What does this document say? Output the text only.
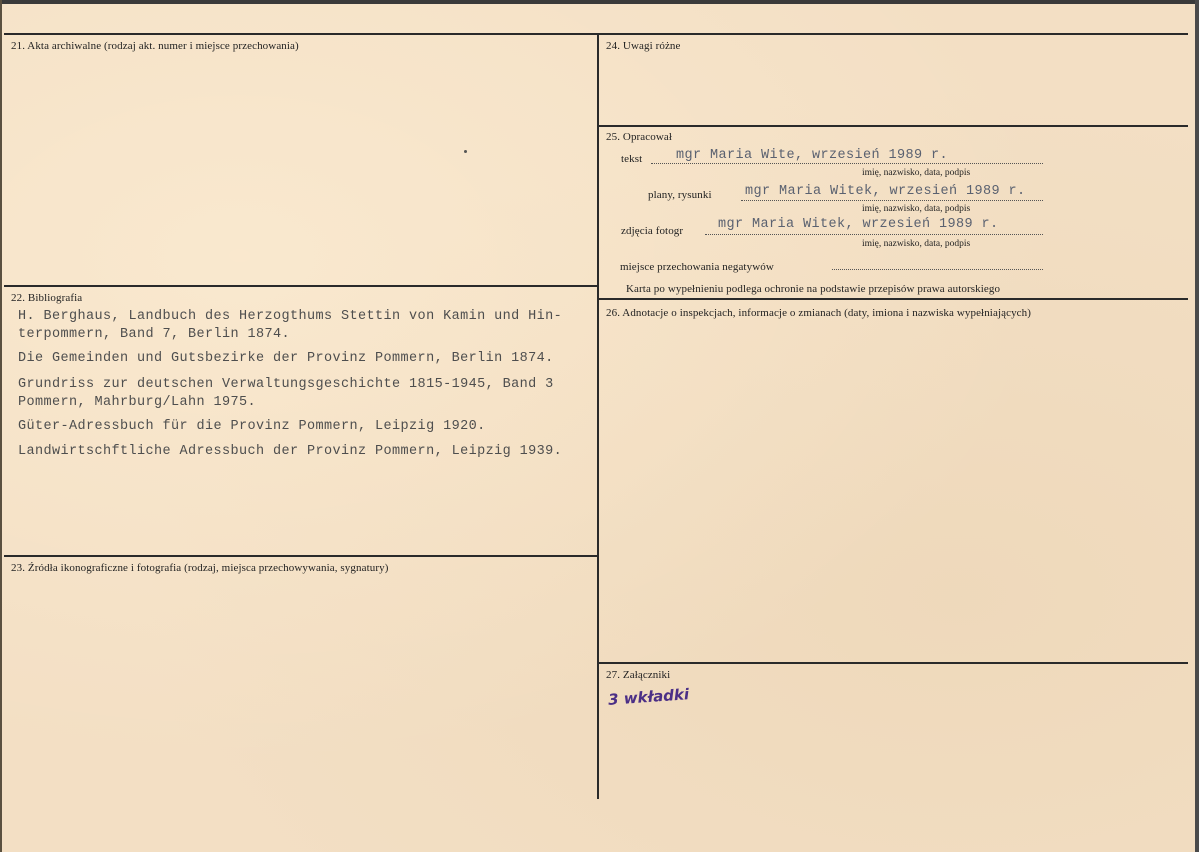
21. Akta archiwalne (rodzaj akt. numer i miejsce przechowania)
22. Bibliografia
H. Berghaus, Landbuch des Herzogthums Stettin von Kamin und Hin-
terpommern, Band 7, Berlin 1874.
Die Gemeinden und Gutsbezirke der Provinz Pommern, Berlin 1874.
Grundriss zur deutschen Verwaltungsgeschichte 1815-1945, Band 3
Pommern, Mahrburg/Lahn 1975.
Güter-Adressbuch für die Provinz Pommern, Leipzig 1920.
Landwirtschftliche Adressbuch der Provinz Pommern, Leipzig 1939.
23. Źródła ikonograficzne i fotografia (rodzaj, miejsca przechowywania, sygnatury)
24. Uwagi różne
25. Opracował
tekst mgr Maria Wite, wrzesień 1989 r.
imię, nazwisko, data, podpis
plany, rysunki mgr Maria Witek, wrzesień 1989 r.
imię, nazwisko, data, podpis
zdjęcia fotogr	mgr Maria Witek, wrzesień 1989 r.
imię, nazwisko, data, podpis
miejsce przechowania negatywów
Karta po wypełnieniu podlega ochronie na podstawie przepisów prawa autorskiego
26. Adnotacje o inspekcjach, informacje o zmianach (daty, imiona i nazwiska wypełniających)
27. Załączniki
3 wkładki
